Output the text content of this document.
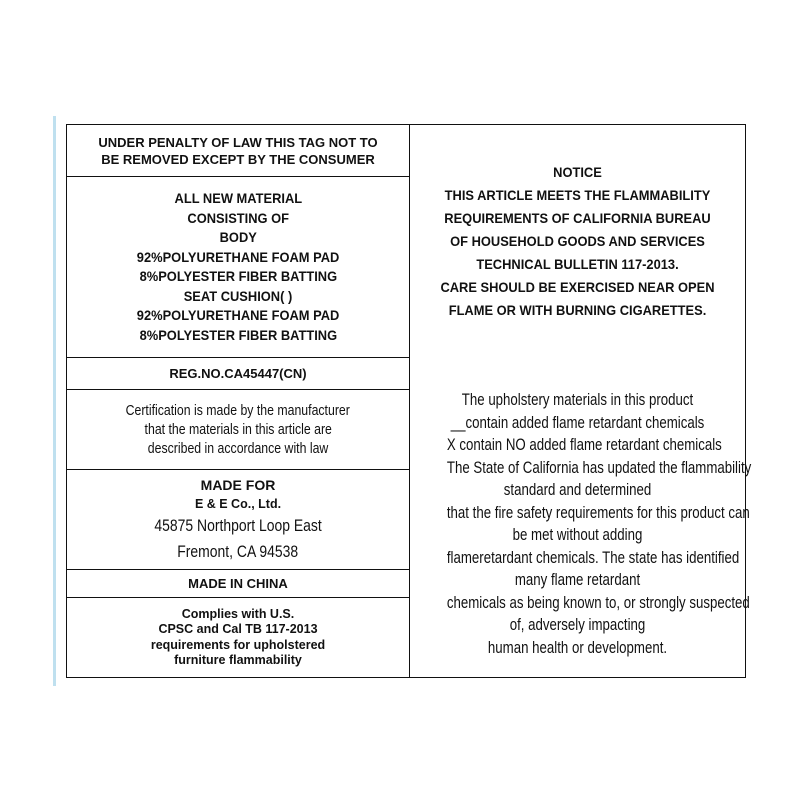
UNDER PENALTY OF LAW THIS TAG NOT TO
BE REMOVED EXCEPT BY THE CONSUMER
ALL NEW MATERIAL
CONSISTING OF
BODY
92%POLYURETHANE FOAM PAD
8%POLYESTER FIBER BATTING
SEAT CUSHION( )
92%POLYURETHANE FOAM PAD
8%POLYESTER FIBER BATTING
REG.NO.CA45447(CN)
Certification is made by the manufacturer
that the materials in this article are
described in accordance with law
MADE FOR
E & E Co., Ltd.
45875 Northport Loop East
Fremont, CA 94538
MADE IN CHINA
Complies with U.S.
CPSC and Cal TB 117-2013
requirements for upholstered
furniture flammability
NOTICE
THIS ARTICLE MEETS THE FLAMMABILITY
REQUIREMENTS OF CALIFORNIA BUREAU
OF HOUSEHOLD GOODS AND SERVICES
TECHNICAL BULLETIN 117-2013.
CARE SHOULD BE EXERCISED NEAR OPEN
FLAME OR WITH BURNING CIGARETTES.
The upholstery materials in this product
__contain added flame retardant chemicals
X contain NO added flame retardant chemicals
The State of California has updated the flammability
standard and determined
that the fire safety requirements for this product can
be met without adding
flameretardant chemicals. The state has identified
many flame retardant
chemicals as being known to, or strongly suspected
of, adversely impacting
human health or development.
